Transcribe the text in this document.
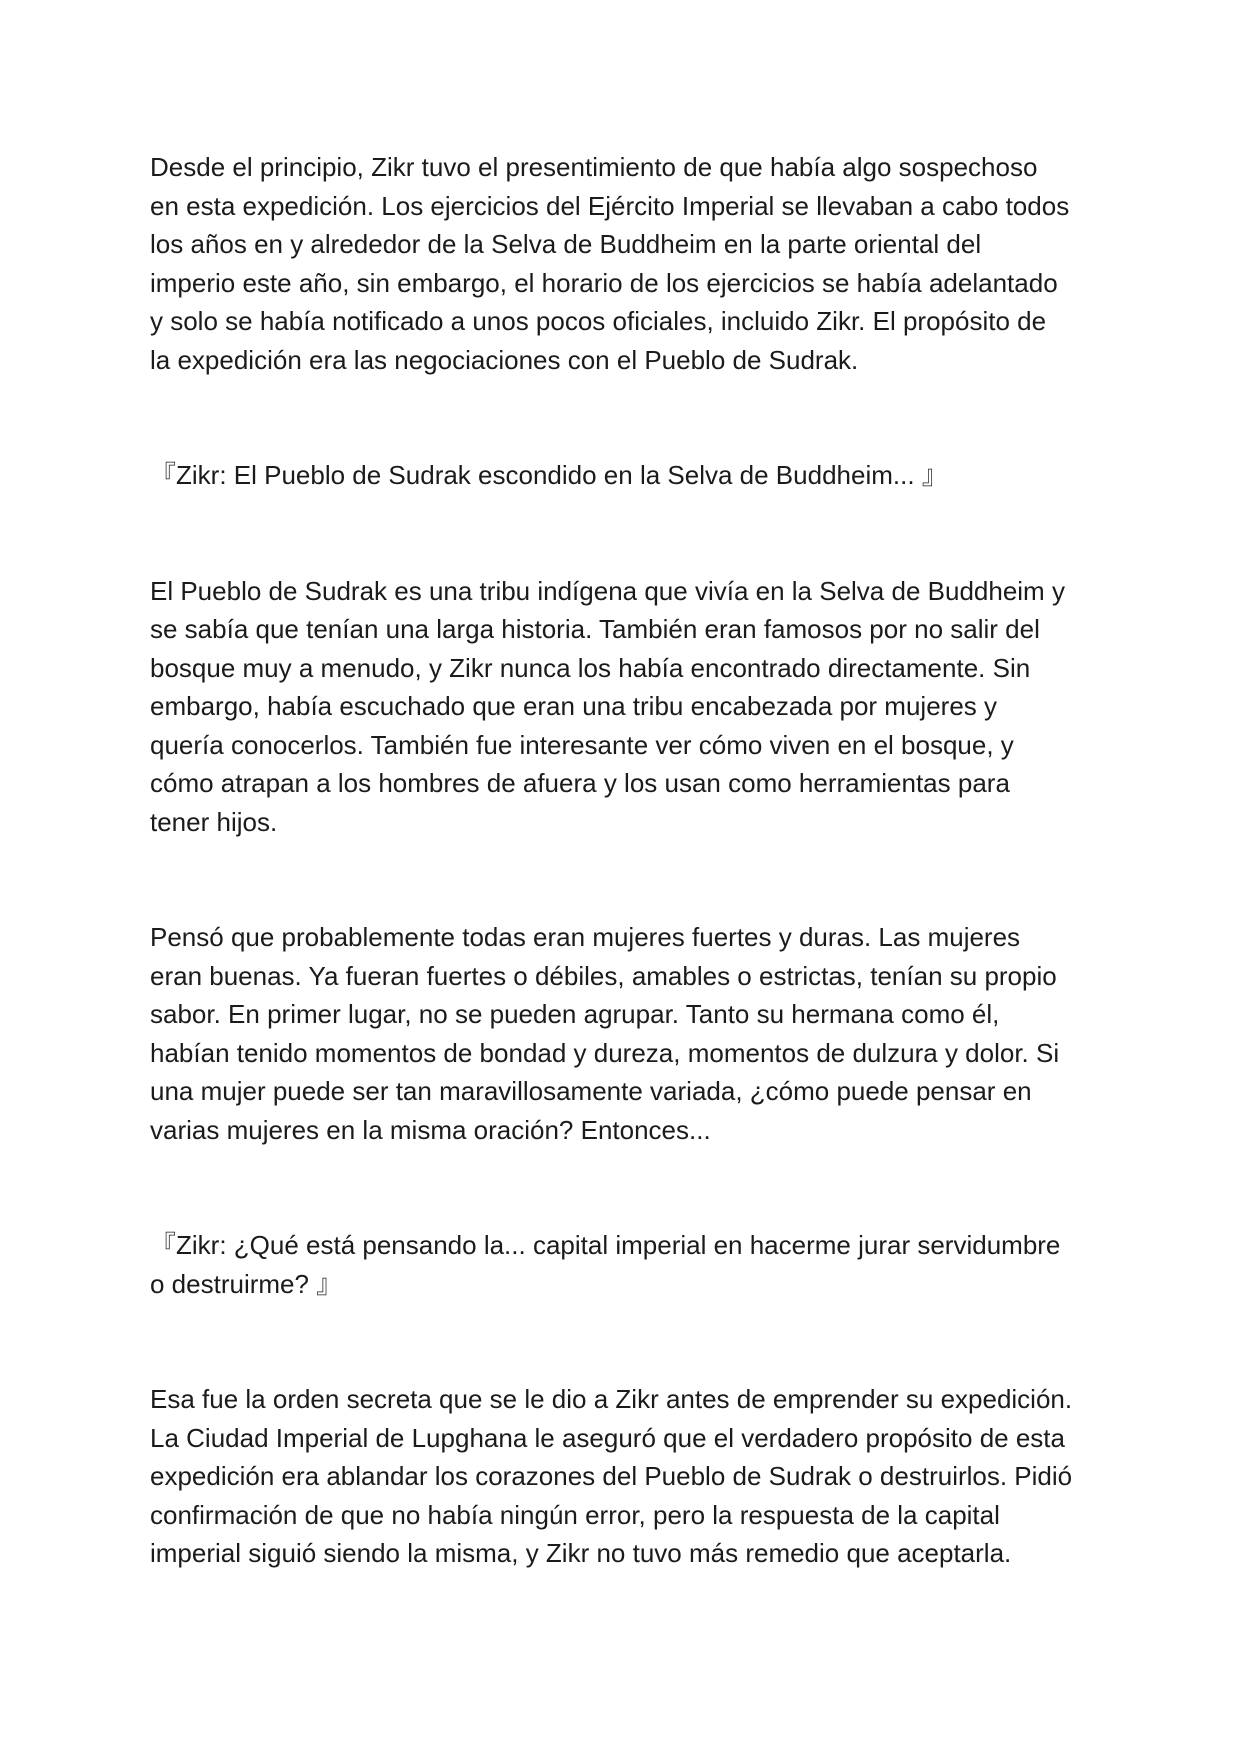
Desde el principio, Zikr tuvo el presentimiento de que había algo sospechoso
en esta expedición. Los ejercicios del Ejército Imperial se llevaban a cabo todos
los años en y alrededor de la Selva de Buddheim en la parte oriental del
imperio este año, sin embargo, el horario de los ejercicios se había adelantado
y solo se había notificado a unos pocos oficiales, incluido Zikr. El propósito de
la expedición era las negociaciones con el Pueblo de Sudrak.

『Zikr: El Pueblo de Sudrak escondido en la Selva de Buddheim... 』

El Pueblo de Sudrak es una tribu indígena que vivía en la Selva de Buddheim y
se sabía que tenían una larga historia. También eran famosos por no salir del
bosque muy a menudo, y Zikr nunca los había encontrado directamente. Sin
embargo, había escuchado que eran una tribu encabezada por mujeres y
quería conocerlos. También fue interesante ver cómo viven en el bosque, y
cómo atrapan a los hombres de afuera y los usan como herramientas para
tener hijos.

Pensó que probablemente todas eran mujeres fuertes y duras. Las mujeres
eran buenas. Ya fueran fuertes o débiles, amables o estrictas, tenían su propio
sabor. En primer lugar, no se pueden agrupar. Tanto su hermana como él,
habían tenido momentos de bondad y dureza, momentos de dulzura y dolor. Si
una mujer puede ser tan maravillosamente variada, ¿cómo puede pensar en
varias mujeres en la misma oración? Entonces...

『Zikr: ¿Qué está pensando la... capital imperial en hacerme jurar servidumbre
o destruirme? 』

Esa fue la orden secreta que se le dio a Zikr antes de emprender su expedición.
La Ciudad Imperial de Lupghana le aseguró que el verdadero propósito de esta
expedición era ablandar los corazones del Pueblo de Sudrak o destruirlos. Pidió
confirmación de que no había ningún error, pero la respuesta de la capital
imperial siguió siendo la misma, y Zikr no tuvo más remedio que aceptarla.
